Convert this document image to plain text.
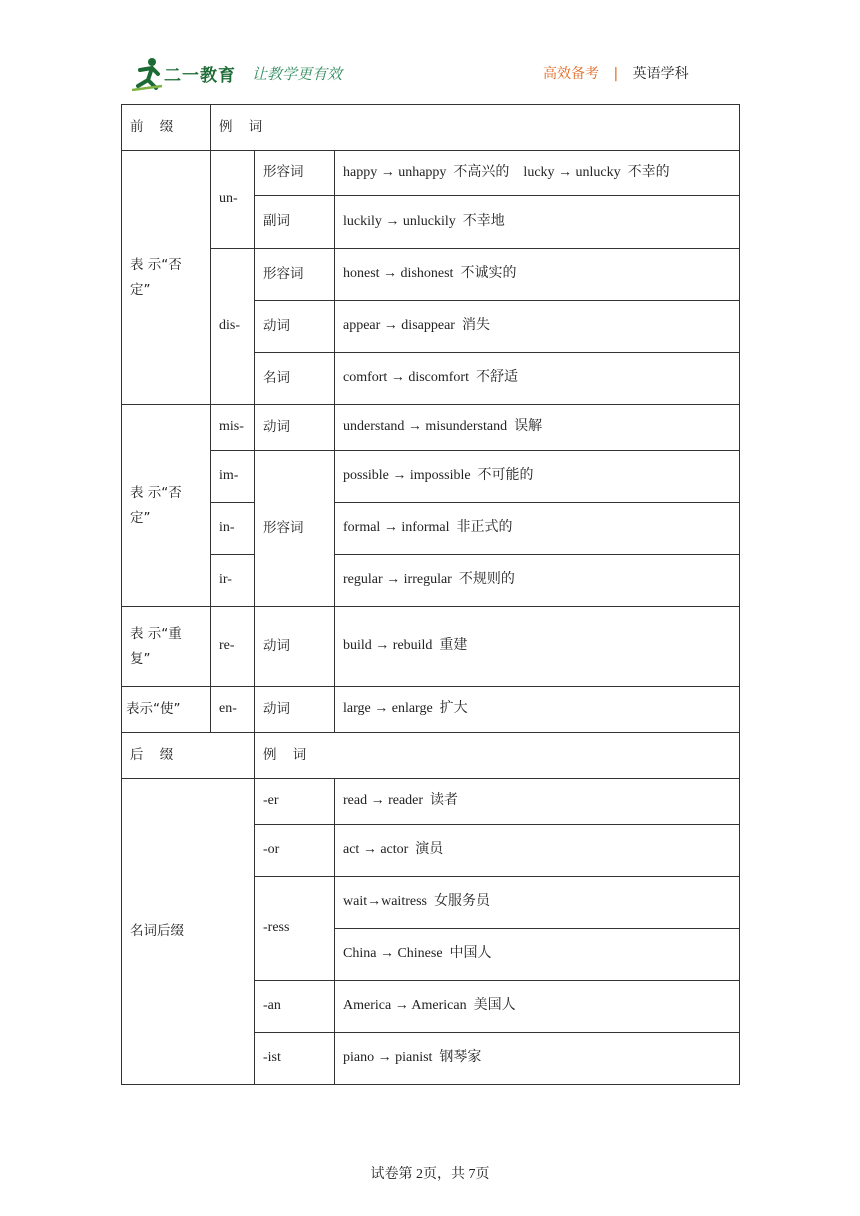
二一教育 让教学更有效	高效备考 | 英语学科
前 缀	例 词		
表 示“否定”	un-	形容词	happy → unhappy  不高兴的    lucky → unlucky  不幸的
		副词	luckily → unluckily  不幸地
	dis-	形容词	honest → dishonest  不诚实的
		动词	appear → disappear  消失
		名词	comfort → discomfort  不舒适
表 示“否定”	mis-	动词	understand → misunderstand  误解
	im-	形容词	possible → impossible  不可能的
	in-		formal → informal  非正式的
	ir-		regular → irregular  不规则的
表 示“重复”	re-	动词	build → rebuild  重建
表示“使”	en-	动词	large → enlarge  扩大
后 缀		例 词	
名词后缀		-er	read → reader  读者
		-or	act → actor  演员
		-ress	wait→waitress  女服务员
			China → Chinese  中国人
		-an	America → American  美国人
		-ist	piano → pianist  钢琴家
试卷第 2页，共 7页
